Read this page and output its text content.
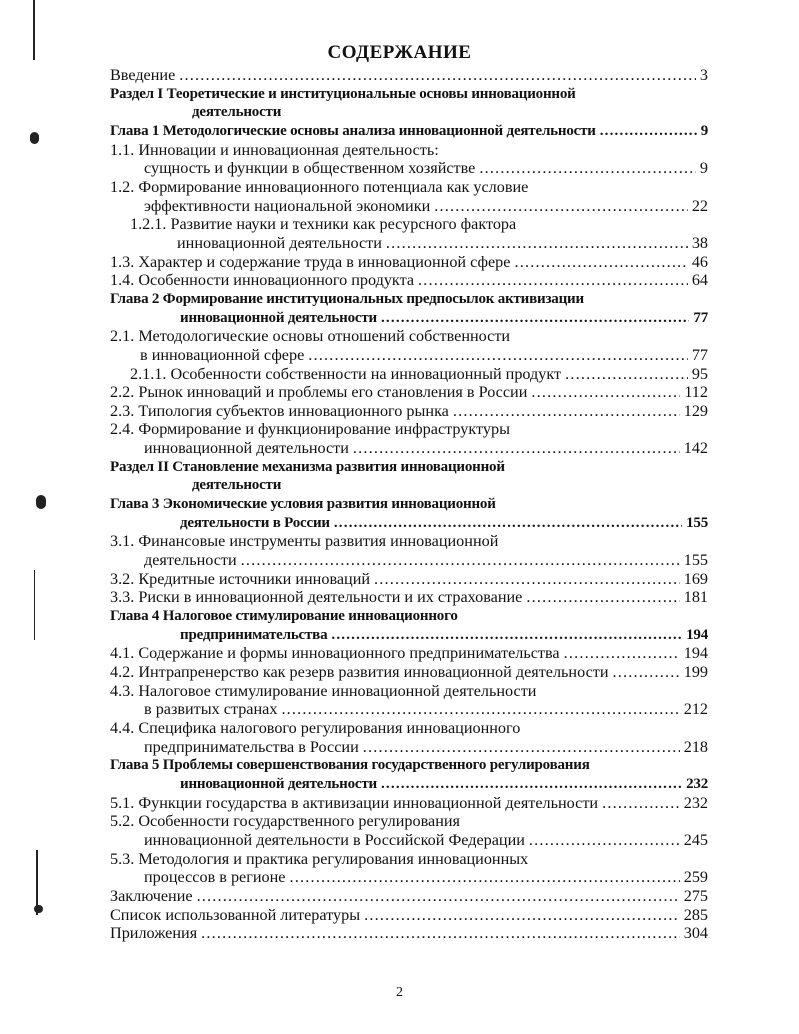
СОДЕРЖАНИЕ
Введение .....	3
Раздел I Теоретические и институциональные основы инновационной
деятельности
Глава 1 Методологические основы анализа инновационной деятельности .....	9
1.1. Инновации и инновационная деятельность:
сущность и функции в общественном хозяйстве .....	9
1.2. Формирование инновационного потенциала как условие
эффективности национальной экономики .....	22
1.2.1. Развитие науки и техники как ресурсного фактора
инновационной деятельности .....	38
1.3. Характер и содержание труда в инновационной сфере .....	46
1.4. Особенности инновационного продукта .....	64
Глава 2 Формирование институциональных предпосылок активизации
инновационной деятельности .....	77
2.1. Методологические основы отношений собственности
в инновационной сфере .....	77
2.1.1. Особенности собственности на инновационный продукт .....	95
2.2. Рынок инноваций и проблемы его становления в России .....	112
2.3. Типология субъектов инновационного рынка .....	129
2.4. Формирование и функционирование инфраструктуры
инновационной деятельности .....	142
Раздел II Становление механизма развития инновационной
деятельности
Глава 3 Экономические условия развития инновационной
деятельности в России .....	155
3.1. Финансовые инструменты развития инновационной
деятельности .....	155
3.2. Кредитные источники инноваций .....	169
3.3. Риски в инновационной деятельности и их страхование .....	181
Глава 4 Налоговое стимулирование инновационного
предпринимательства .....	194
4.1. Содержание и формы инновационного предпринимательства .....	194
4.2. Интрапренерство как резерв развития инновационной деятельности .....	199
4.3. Налоговое стимулирование инновационной деятельности
в развитых странах .....	212
4.4. Специфика налогового регулирования инновационного
предпринимательства в России .....	218
Глава 5 Проблемы совершенствования государственного регулирования
инновационной деятельности .....	232
5.1. Функции государства в активизации инновационной деятельности .....	232
5.2. Особенности государственного регулирования
инновационной деятельности в Российской Федерации .....	245
5.3. Методология и практика регулирования инновационных
процессов в регионе .....	259
Заключение .....	275
Список использованной литературы .....	285
Приложения .....	304
2
